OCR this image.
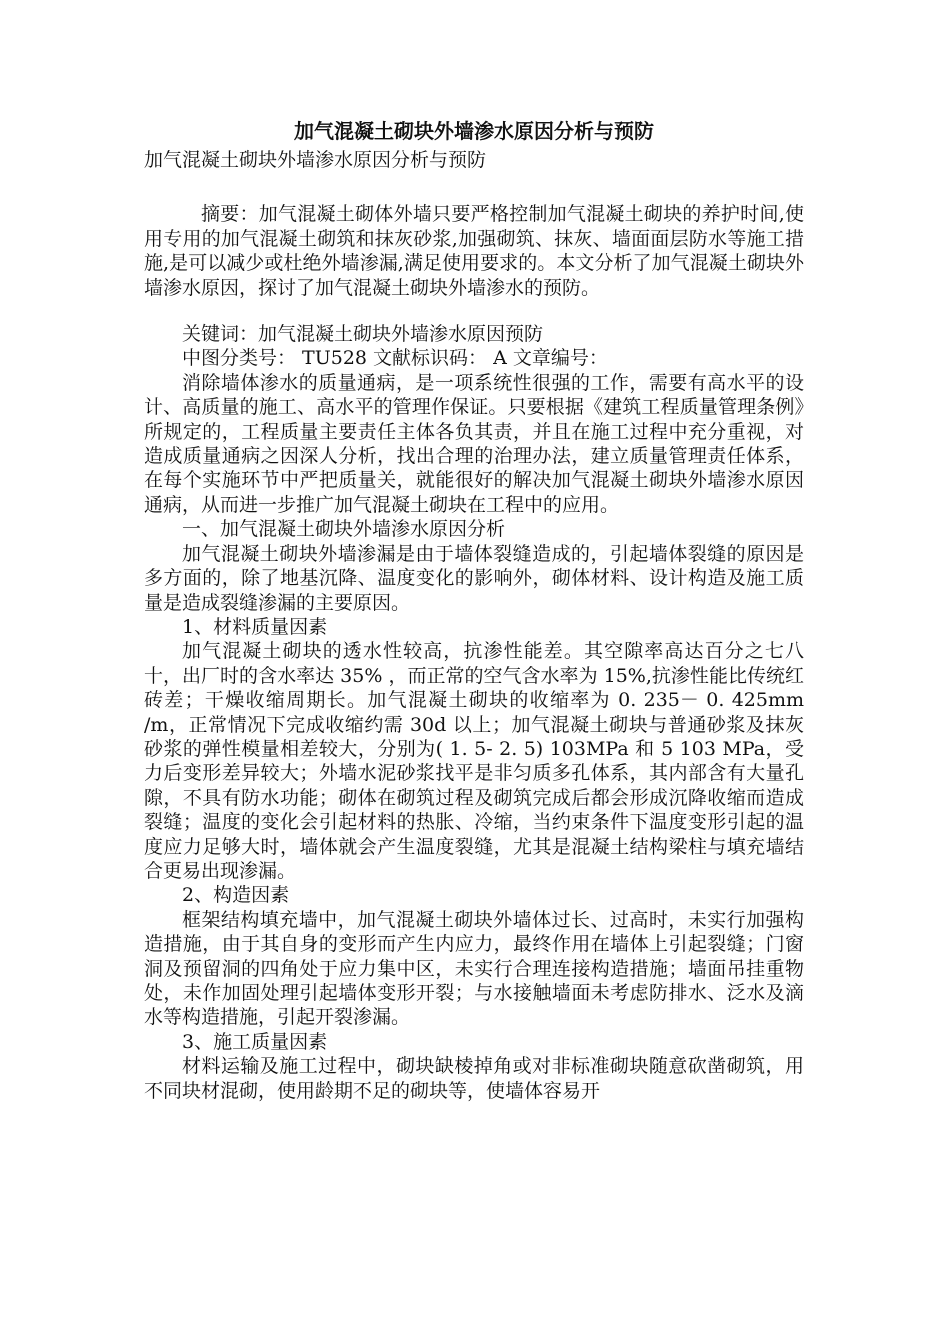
加气混凝土砌块外墙渗水原因分析与预防

加气混凝土砌块外墙渗水原因分析与预防

摘要：加气混凝土砌体外墙只要严格控制加气混凝土砌块的养护时间,使用专用的加气混凝土砌筑和抹灰砂浆,加强砌筑、抹灰、墙面面层防水等施工措施,是可以减少或杜绝外墙渗漏,满足使用要求的。本文分析了加气混凝土砌块外墙渗水原因，探讨了加气混凝土砌块外墙渗水的预防。

关键词：加气混凝土砌块外墙渗水原因预防

中图分类号： TU528 文献标识码： A 文章编号：

消除墙体渗水的质量通病，是一项系统性很强的工作，需要有高水平的设计、高质量的施工、高水平的管理作保证。只要根据《建筑工程质量管理条例》所规定的，工程质量主要责任主体各负其责，并且在施工过程中充分重视，对造成质量通病之因深人分析，找出合理的治理办法，建立质量管理责任体系，在每个实施环节中严把质量关，就能很好的解决加气混凝土砌块外墙渗水原因通病，从而进一步推广加气混凝土砌块在工程中的应用。

一、加气混凝土砌块外墙渗水原因分析

加气混凝土砌块外墙渗漏是由于墙体裂缝造成的，引起墙体裂缝的原因是多方面的，除了地基沉降、温度变化的影响外，砌体材料、设计构造及施工质量是造成裂缝渗漏的主要原因。

1、材料质量因素

加气混凝土砌块的透水性较高，抗渗性能差。其空隙率高达百分之七八十，出厂时的含水率达 35% ，而正常的空气含水率为 15%,抗渗性能比传统红砖差；干燥收缩周期长。加气混凝土砌块的收缩率为 0. 235－ 0. 425mm /m，正常情况下完成收缩约需 30d 以上；加气混凝土砌块与普通砂浆及抹灰砂浆的弹性模量相差较大，分别为( 1. 5- 2. 5) 103MPa 和 5 103 MPa，受力后变形差异较大；外墙水泥砂浆找平是非匀质多孔体系，其内部含有大量孔隙，不具有防水功能；砌体在砌筑过程及砌筑完成后都会形成沉降收缩而造成裂缝；温度的变化会引起材料的热胀、冷缩，当约束条件下温度变形引起的温度应力足够大时，墙体就会产生温度裂缝，尤其是混凝土结构梁柱与填充墙结合更易出现渗漏。

2、构造因素

框架结构填充墙中，加气混凝土砌块外墙体过长、过高时，未实行加强构造措施，由于其自身的变形而产生内应力，最终作用在墙体上引起裂缝；门窗洞及预留洞的四角处于应力集中区，未实行合理连接构造措施；墙面吊挂重物处，未作加固处理引起墙体变形开裂；与水接触墙面未考虑防排水、泛水及滴水等构造措施，引起开裂渗漏。

3、施工质量因素

材料运输及施工过程中，砌块缺棱掉角或对非标准砌块随意砍凿砌筑，用不同块材混砌，使用龄期不足的砌块等，使墙体容易开
